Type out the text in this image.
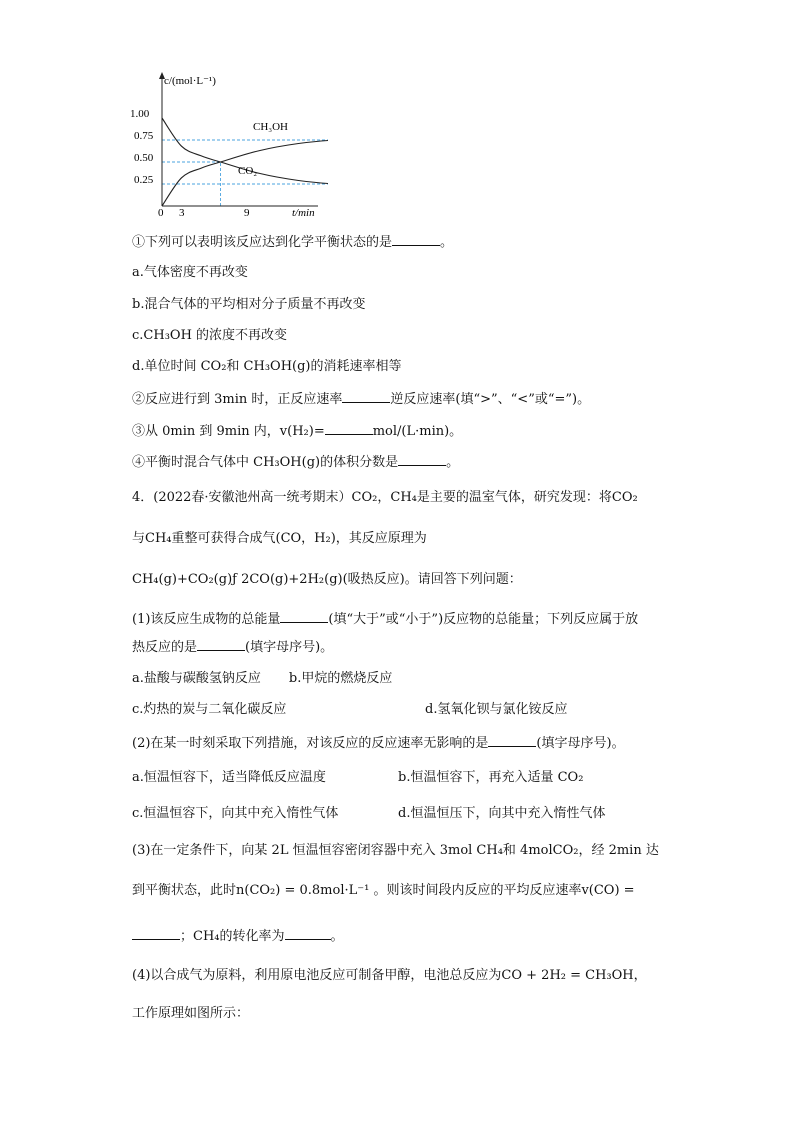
c/(mol·L⁻¹)
t/min
1.00
0.75
0.50
0.25
0 3	9
CH₃OH
CO₂
①下列可以表明该反应达到化学平衡状态的是	。
a.气体密度不再改变
b.混合气体的平均相对分子质量不再改变
c.CH₃OH 的浓度不再改变
d.单位时间 CO₂和 CH₃OH(g)的消耗速率相等
②反应进行到 3min 时，正反应速率	逆反应速率(填“>”、“<”或“=”)。
③从 0min 到 9min 内，v(H₂)=	mol/(L·min)。
④平衡时混合气体中 CH₃OH(g)的体积分数是	。
4．(2022春·安徽池州高一统考期末）CO₂，CH₄是主要的温室气体，研究发现：将CO₂
与CH₄重整可获得合成气(CO，H₂)，其反应原理为
CH₄(g)+CO₂(g)ƒ 2CO(g)+2H₂(g)(吸热反应)。请回答下列问题：
(1)该反应生成物的总能量	(填“大于”或“小于”)反应物的总能量；下列反应属于放
热反应的是	(填字母序号)。
a.盐酸与碳酸氢钠反应 b.甲烷的燃烧反应
c.灼热的炭与二氧化碳反应	d.氢氧化钡与氯化铵反应
(2)在某一时刻采取下列措施，对该反应的反应速率无影响的是	(填字母序号)。
a.恒温恒容下，适当降低反应温度	b.恒温恒容下，再充入适量 CO₂
c.恒温恒容下，向其中充入惰性气体	d.恒温恒压下，向其中充入惰性气体
(3)在一定条件下，向某 2L 恒温恒容密闭容器中充入 3mol CH₄和 4molCO₂，经 2min 达
到平衡状态，此时n(CO₂) = 0.8mol·L⁻¹ 。则该时间段内反应的平均反应速率v(CO) =
；CH₄的转化率为	。
(4)以合成气为原料，利用原电池反应可制备甲醇，电池总反应为CO + 2H₂ = CH₃OH，
工作原理如图所示：
